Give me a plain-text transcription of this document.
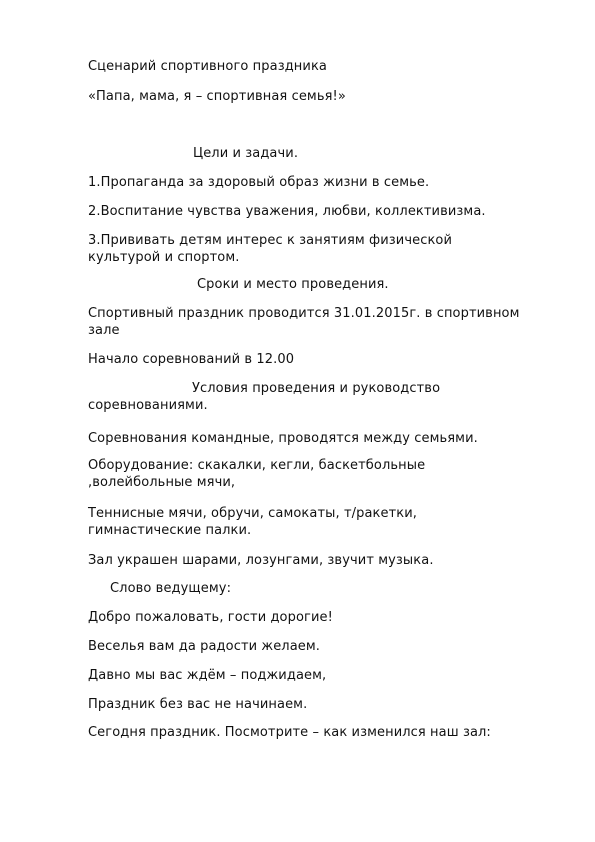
Сценарий спортивного праздника

«Папа, мама, я – спортивная семья!»

Цели и задачи.

1.Пропаганда за здоровый образ жизни в семье.

2.Воспитание чувства уважения, любви, коллективизма.

3.Прививать детям интерес к занятиям физической

культурой и спортом.

Сроки и место проведения.

Спортивный праздник проводится 31.01.2015г. в спортивном

зале

Начало соревнований в 12.00

Условия проведения и руководство

соревнованиями.

Соревнования командные, проводятся между семьями.

Оборудование: скакалки, кегли, баскетбольные

,волейбольные мячи,

Теннисные мячи, обручи, самокаты, т/ракетки,

гимнастические палки.

Зал украшен шарами, лозунгами, звучит музыка.

Слово ведущему:

Добро пожаловать, гости дорогие!

Веселья вам да радости желаем.

Давно мы вас ждём – поджидаем,

Праздник без вас не начинаем.

Сегодня праздник. Посмотрите – как изменился наш зал:
